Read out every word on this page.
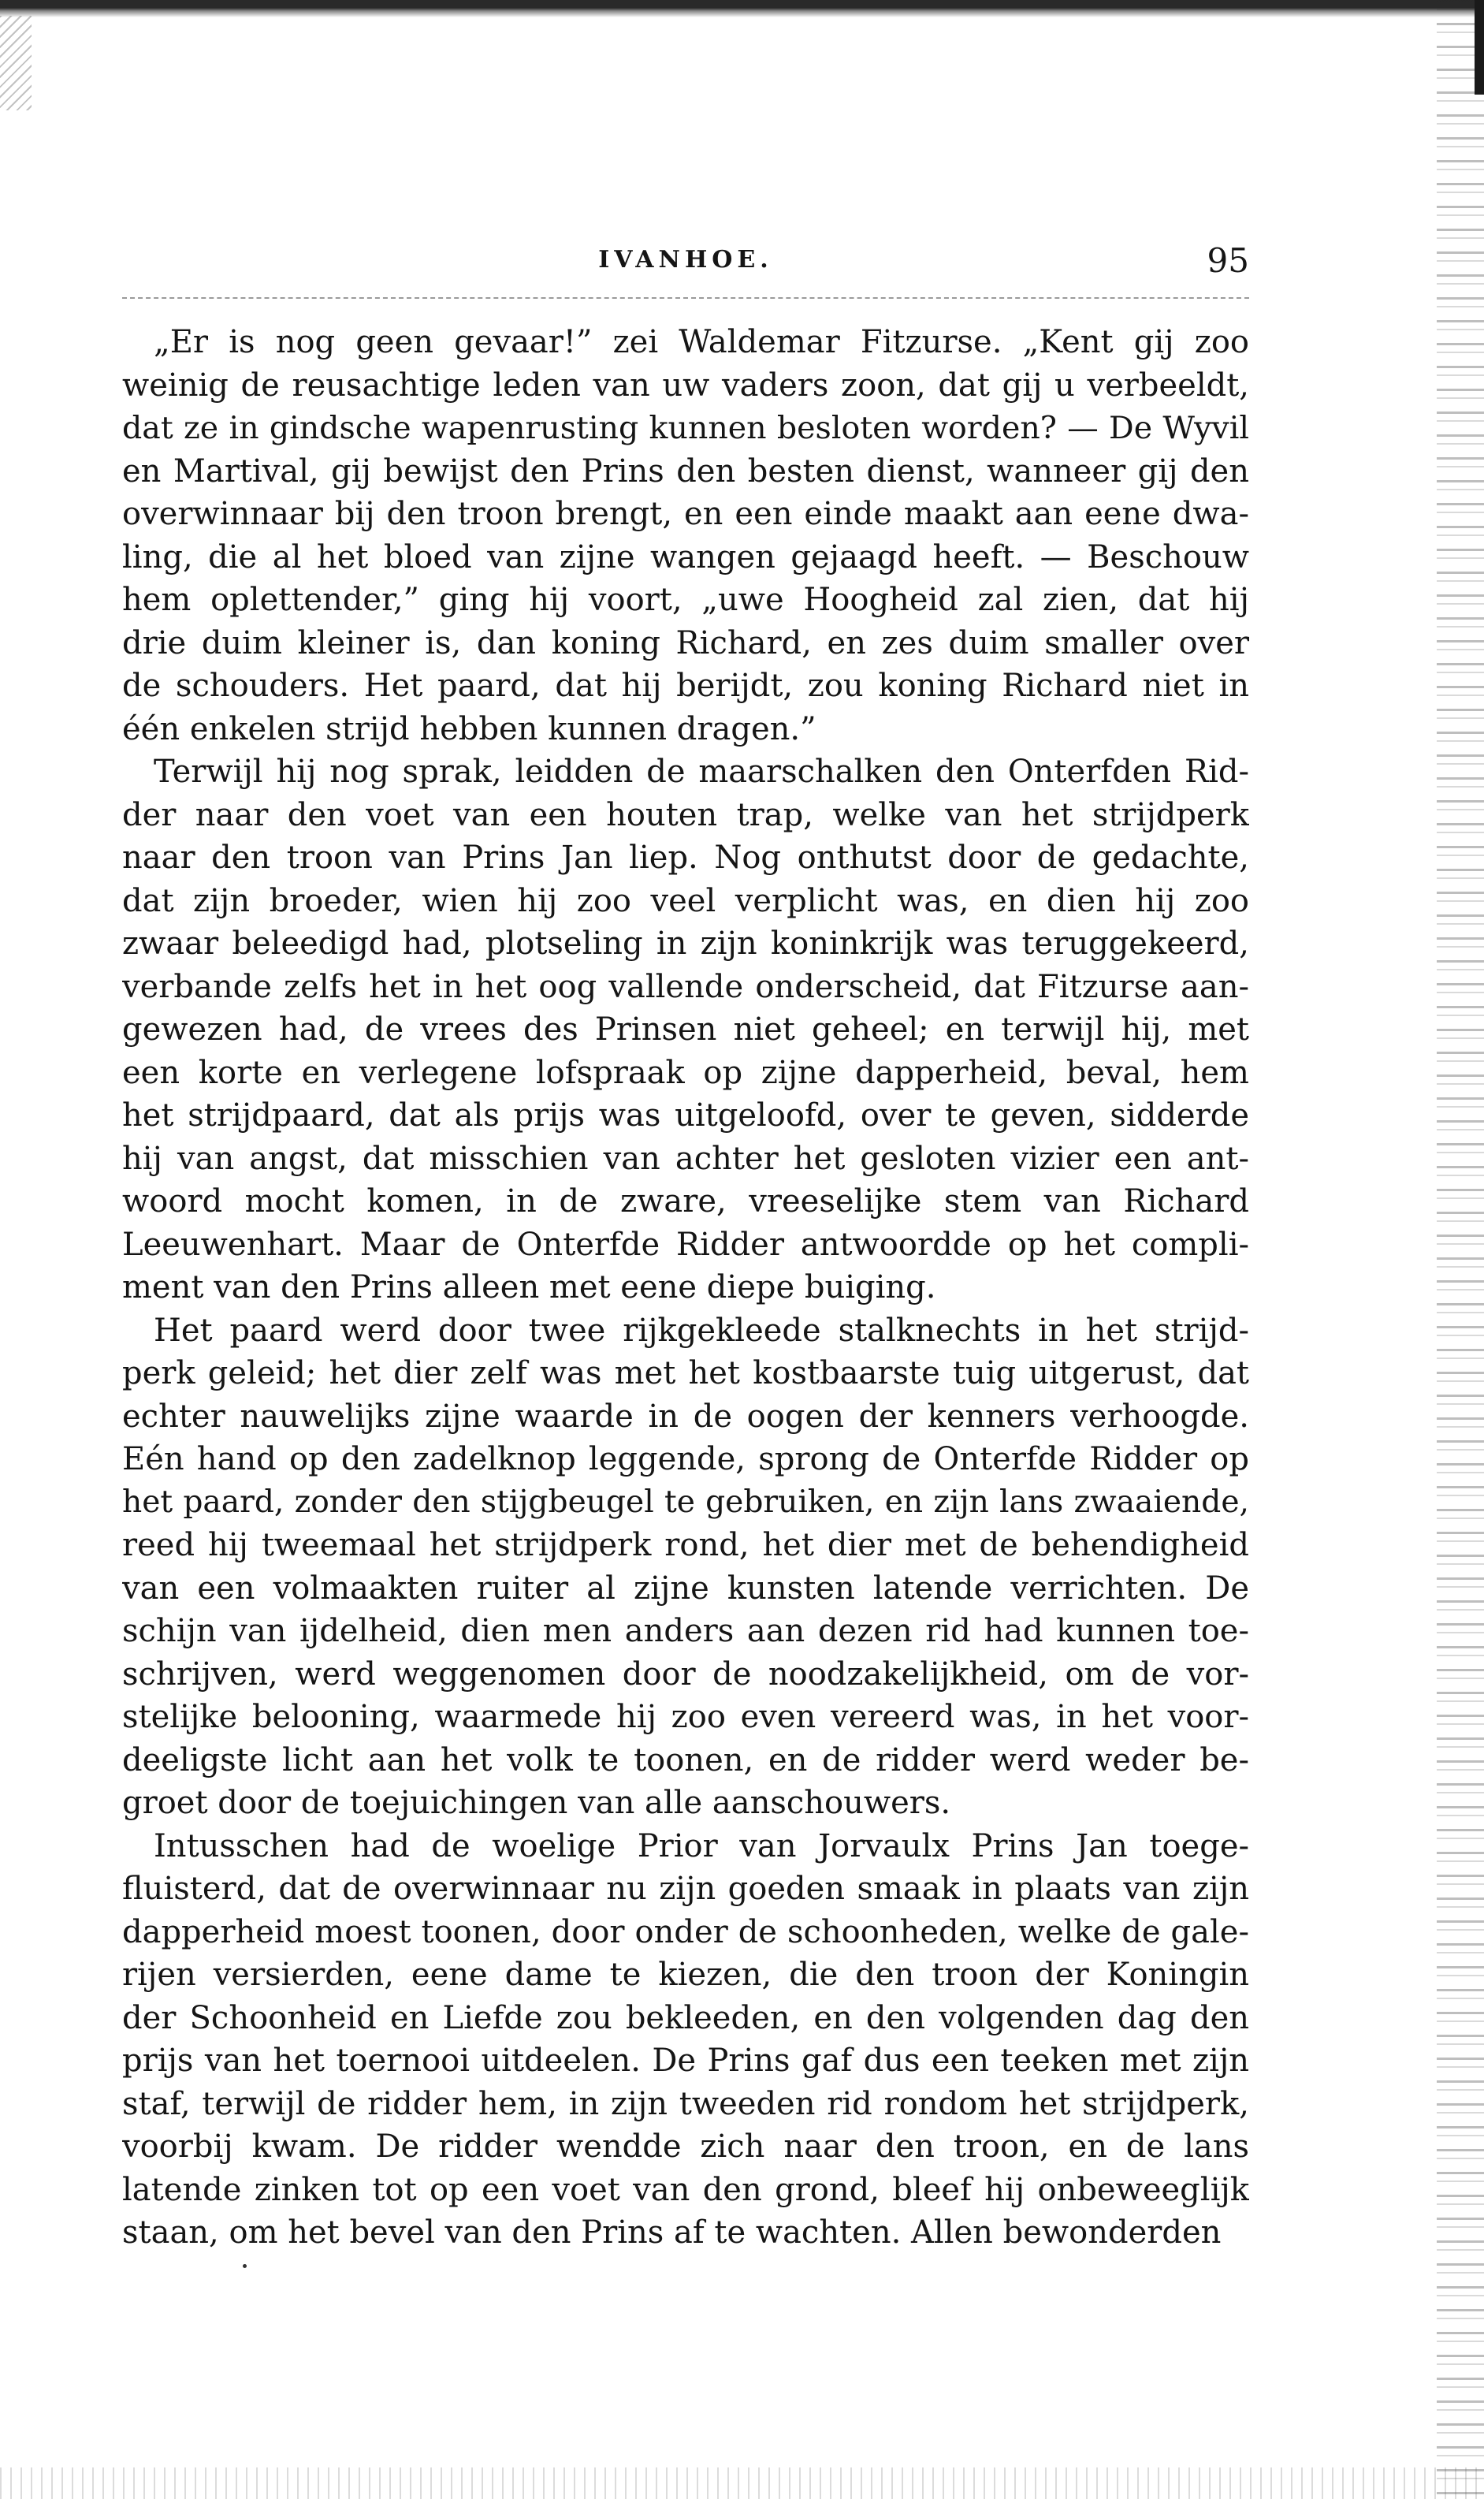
IVANHOE.	95

„Er is nog geen gevaar!” zei Waldemar Fitzurse. „Kent gij zoo
weinig de reusachtige leden van uw vaders zoon, dat gij u verbeeldt,
dat ze in gindsche wapenrusting kunnen besloten worden? — De Wyvil
en Martival, gij bewijst den Prins den besten dienst, wanneer gij den
overwinnaar bij den troon brengt, en een einde maakt aan eene dwa-
ling, die al het bloed van zijne wangen gejaagd heeft. — Beschouw
hem oplettender,” ging hij voort, „uwe Hoogheid zal zien, dat hij
drie duim kleiner is, dan koning Richard, en zes duim smaller over
de schouders. Het paard, dat hij berijdt, zou koning Richard niet in
één enkelen strijd hebben kunnen dragen.”

Terwijl hij nog sprak, leidden de maarschalken den Onterfden Rid-
der naar den voet van een houten trap, welke van het strijdperk
naar den troon van Prins Jan liep. Nog onthutst door de gedachte,
dat zijn broeder, wien hij zoo veel verplicht was, en dien hij zoo
zwaar beleedigd had, plotseling in zijn koninkrijk was teruggekeerd,
verbande zelfs het in het oog vallende onderscheid, dat Fitzurse aan-
gewezen had, de vrees des Prinsen niet geheel; en terwijl hij, met
een korte en verlegene lofspraak op zijne dapperheid, beval, hem
het strijdpaard, dat als prijs was uitgeloofd, over te geven, sidderde
hij van angst, dat misschien van achter het gesloten vizier een ant-
woord mocht komen, in de zware, vreeselijke stem van Richard
Leeuwenhart. Maar de Onterfde Ridder antwoordde op het compli-
ment van den Prins alleen met eene diepe buiging.

Het paard werd door twee rijkgekleede stalknechts in het strijd-
perk geleid; het dier zelf was met het kostbaarste tuig uitgerust, dat
echter nauwelijks zijne waarde in de oogen der kenners verhoogde.
Eén hand op den zadelknop leggende, sprong de Onterfde Ridder op
het paard, zonder den stijgbeugel te gebruiken, en zijn lans zwaaiende,
reed hij tweemaal het strijdperk rond, het dier met de behendigheid
van een volmaakten ruiter al zijne kunsten latende verrichten. De
schijn van ijdelheid, dien men anders aan dezen rid had kunnen toe-
schrijven, werd weggenomen door de noodzakelijkheid, om de vor-
stelijke belooning, waarmede hij zoo even vereerd was, in het voor-
deeligste licht aan het volk te toonen, en de ridder werd weder be-
groet door de toejuichingen van alle aanschouwers.

Intusschen had de woelige Prior van Jorvaulx Prins Jan toege-
fluisterd, dat de overwinnaar nu zijn goeden smaak in plaats van zijn
dapperheid moest toonen, door onder de schoonheden, welke de gale-
rijen versierden, eene dame te kiezen, die den troon der Koningin
der Schoonheid en Liefde zou bekleeden, en den volgenden dag den
prijs van het toernooi uitdeelen. De Prins gaf dus een teeken met zijn
staf, terwijl de ridder hem, in zijn tweeden rid rondom het strijdperk,
voorbij kwam. De ridder wendde zich naar den troon, en de lans
latende zinken tot op een voet van den grond, bleef hij onbeweeglijk
staan, om het bevel van den Prins af te wachten. Allen bewonderden
